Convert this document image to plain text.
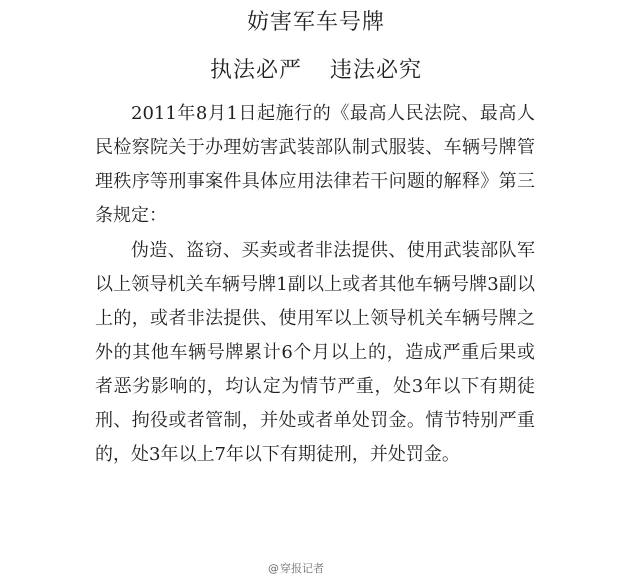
妨害军车号牌
执法必严 违法必究

2011年8月1日起施行的《最高人民法院、最高人民检察院关于办理妨害武装部队制式服装、车辆号牌管理秩序等刑事案件具体应用法律若干问题的解释》第三条规定：

伪造、盗窃、买卖或者非法提供、使用武装部队军以上领导机关车辆号牌1副以上或者其他车辆号牌3副以上的，或者非法提供、使用军以上领导机关车辆号牌之外的其他车辆号牌累计6个月以上的，造成严重后果或者恶劣影响的，均认定为情节严重，处3年以下有期徒刑、拘役或者管制，并处或者单处罚金。情节特别严重的，处3年以上7年以下有期徒刑，并处罚金。

@穿报记者
